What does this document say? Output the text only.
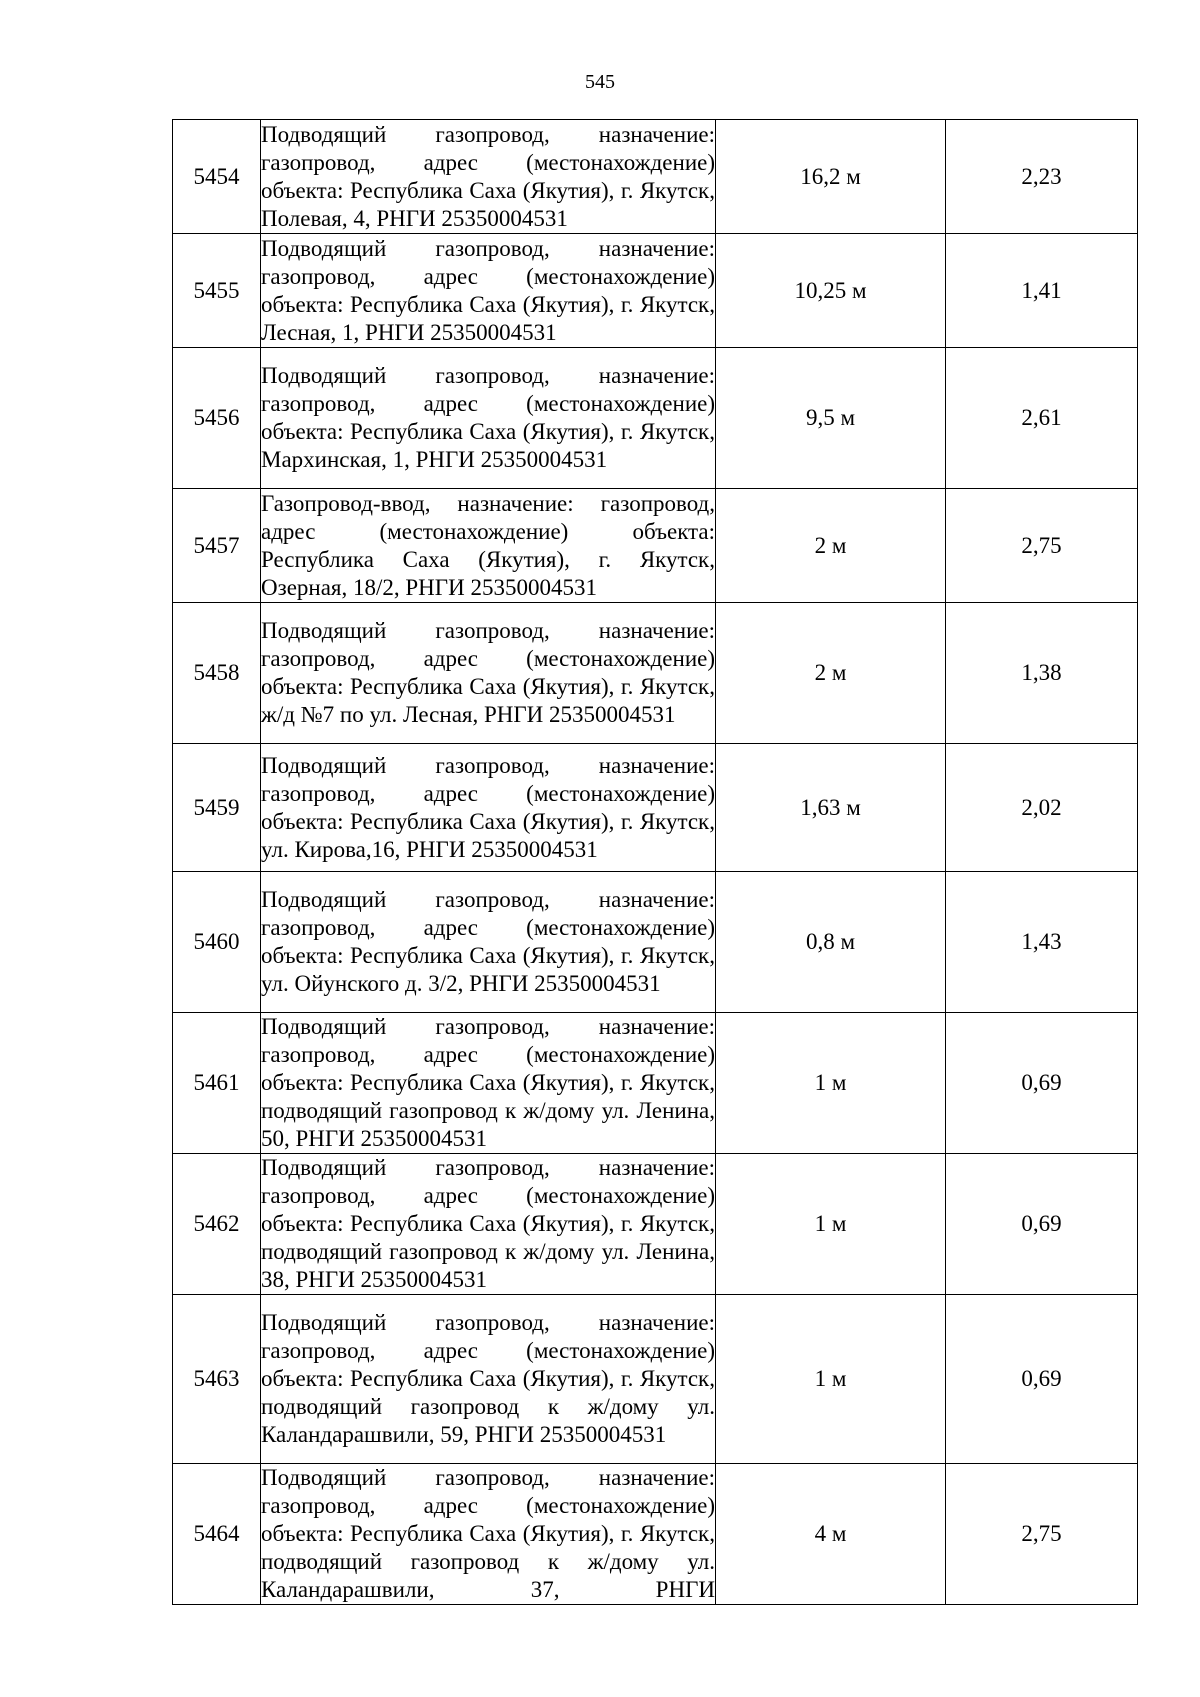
545
5454	Подводящий газопровод, назначение: газопровод, адрес (местонахождение) объекта: Республика Саха (Якутия), г. Якутск, Полевая, 4, РНГИ 25350004531	16,2 м	2,23
5455	Подводящий газопровод, назначение: газопровод, адрес (местонахождение) объекта: Республика Саха (Якутия), г. Якутск, Лесная, 1, РНГИ 25350004531	10,25 м	1,41
5456	Подводящий газопровод, назначение: газопровод, адрес (местонахождение) объекта: Республика Саха (Якутия), г. Якутск, Мархинская, 1, РНГИ 25350004531	9,5 м	2,61
5457	Газопровод-ввод, назначение: газопровод, адрес (местонахождение) объекта: Республика Саха (Якутия), г. Якутск, Озерная, 18/2, РНГИ 25350004531	2 м	2,75
5458	Подводящий газопровод, назначение: газопровод, адрес (местонахождение) объекта: Республика Саха (Якутия), г. Якутск, ж/д №7 по ул. Лесная, РНГИ 25350004531	2 м	1,38
5459	Подводящий газопровод, назначение: газопровод, адрес (местонахождение) объекта: Республика Саха (Якутия), г. Якутск, ул. Кирова,16, РНГИ 25350004531	1,63 м	2,02
5460	Подводящий газопровод, назначение: газопровод, адрес (местонахождение) объекта: Республика Саха (Якутия), г. Якутск, ул. Ойунского д. 3/2, РНГИ 25350004531	0,8 м	1,43
5461	Подводящий газопровод, назначение: газопровод, адрес (местонахождение) объекта: Республика Саха (Якутия), г. Якутск, подводящий газопровод к ж/дому ул. Ленина, 50, РНГИ 25350004531	1 м	0,69
5462	Подводящий газопровод, назначение: газопровод, адрес (местонахождение) объекта: Республика Саха (Якутия), г. Якутск, подводящий газопровод к ж/дому ул. Ленина, 38, РНГИ 25350004531	1 м	0,69
5463	Подводящий газопровод, назначение: газопровод, адрес (местонахождение) объекта: Республика Саха (Якутия), г. Якутск, подводящий газопровод к ж/дому ул. Каландарашвили, 59, РНГИ 25350004531	1 м	0,69
5464	Подводящий газопровод, назначение: газопровод, адрес (местонахождение) объекта: Республика Саха (Якутия), г. Якутск, подводящий газопровод к ж/дому ул. Каландарашвили, 37, РНГИ	4 м	2,75
